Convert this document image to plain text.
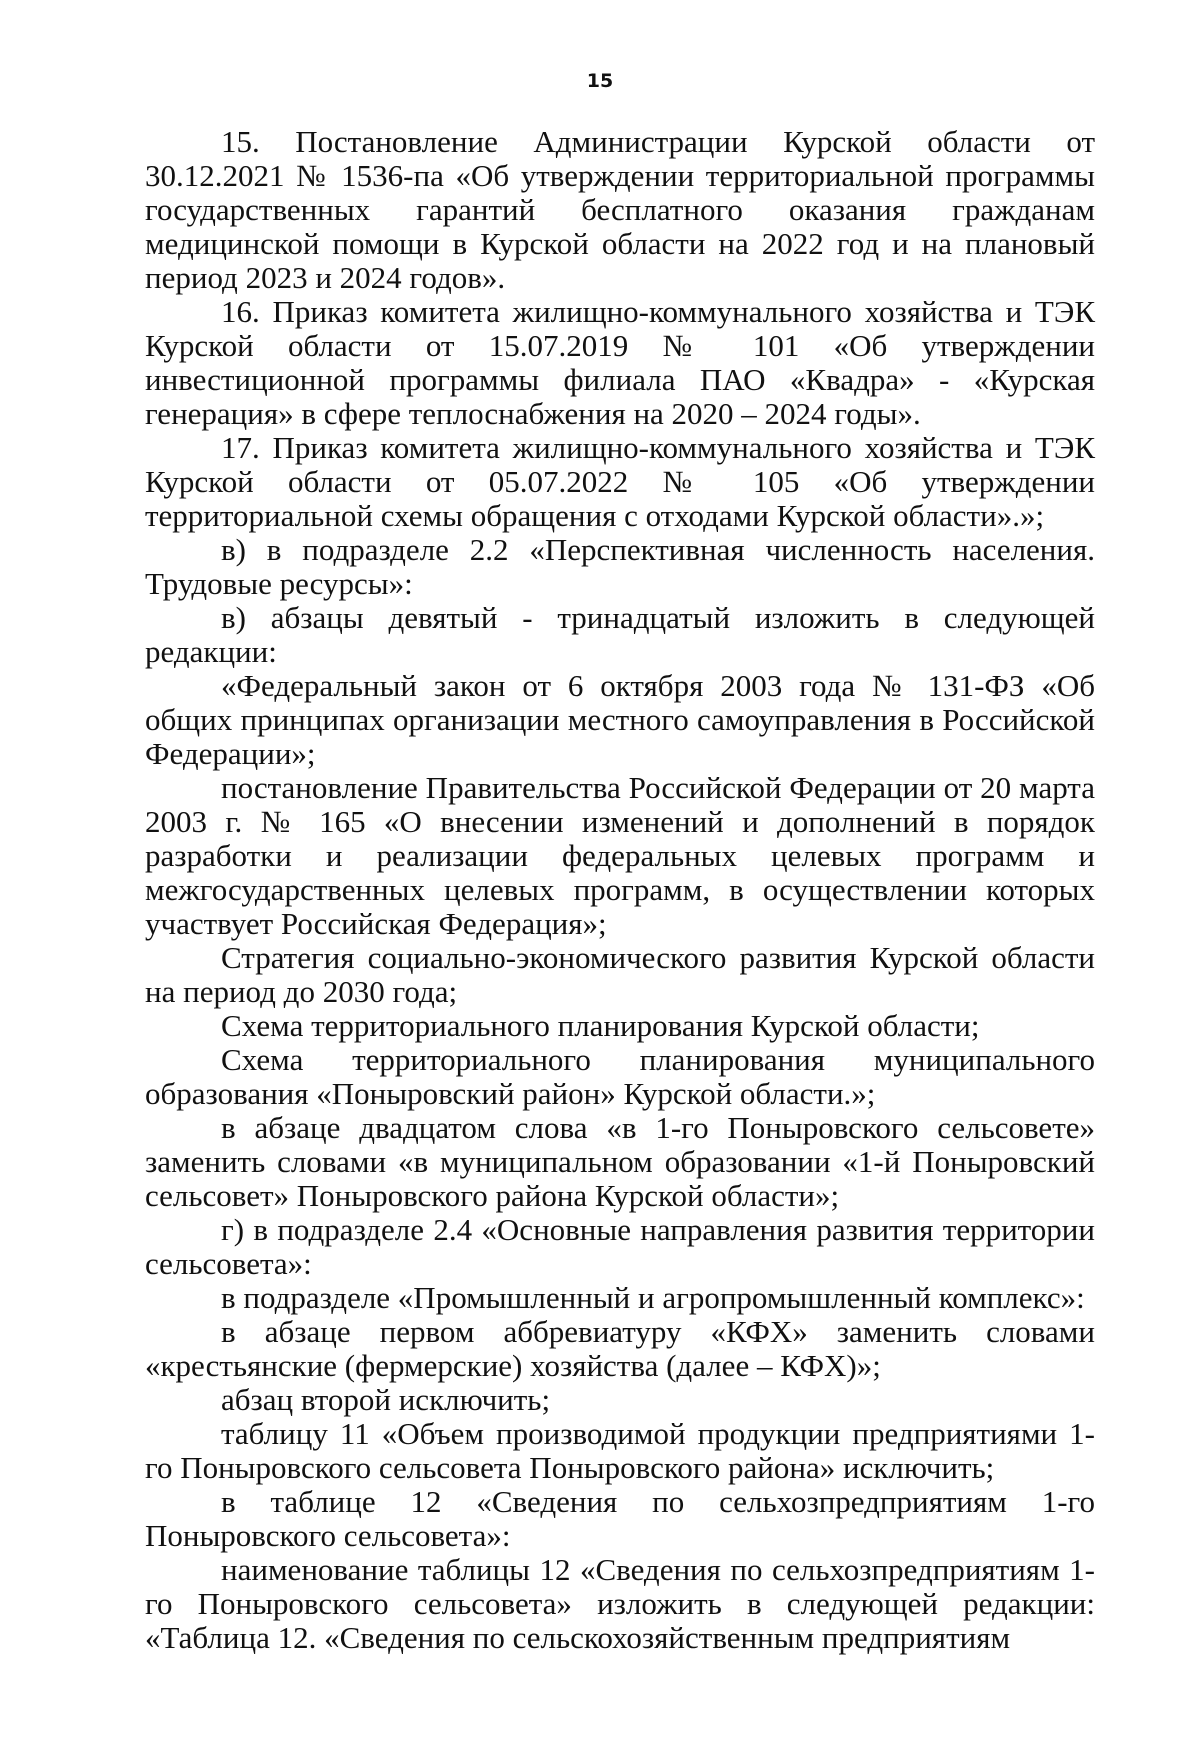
15

15. Постановление Администрации Курской области от 30.12.2021 № 1536-па «Об утверждении территориальной программы государственных гарантий бесплатного оказания гражданам медицинской помощи в Курской области на 2022 год и на плановый период 2023 и 2024 годов».

16. Приказ комитета жилищно-коммунального хозяйства и ТЭК Курской области от 15.07.2019 № 101 «Об утверждении инвестиционной программы филиала ПАО «Квадра» - «Курская генерация» в сфере теплоснабжения на 2020 – 2024 годы».

17. Приказ комитета жилищно-коммунального хозяйства и ТЭК Курской области от 05.07.2022 № 105 «Об утверждении территориальной схемы обращения с отходами Курской области».»;

в) в подразделе 2.2 «Перспективная численность населения. Трудовые ресурсы»:

в) абзацы девятый - тринадцатый изложить в следующей редакции:

«Федеральный закон от 6 октября 2003 года № 131-ФЗ «Об общих принципах организации местного самоуправления в Российской Федерации»;

постановление Правительства Российской Федерации от 20 марта 2003 г. № 165 «О внесении изменений и дополнений в порядок разработки и реализации федеральных целевых программ и межгосударственных целевых программ, в осуществлении которых участвует Российская Федерация»;

Стратегия социально-экономического развития Курской области на период до 2030 года;

Схема территориального планирования Курской области;

Схема территориального планирования муниципального образования «Поныровский район» Курской области.»;

в абзаце двадцатом слова «в 1-го Поныровского сельсовете» заменить словами «в муниципальном образовании «1-й Поныровский сельсовет» Поныровского района Курской области»;

г) в подразделе 2.4 «Основные направления развития территории сельсовета»:

в подразделе «Промышленный и агропромышленный комплекс»:

в абзаце первом аббревиатуру «КФХ» заменить словами «крестьянские (фермерские) хозяйства (далее – КФХ)»;

абзац второй исключить;

таблицу 11 «Объем производимой продукции предприятиями 1-го Поныровского сельсовета Поныровского района» исключить;

в таблице 12 «Сведения по сельхозпредприятиям 1-го Поныровского сельсовета»:

наименование таблицы 12 «Сведения по сельхозпредприятиям 1-го Поныровского сельсовета» изложить в следующей редакции: «Таблица 12. «Сведения по сельскохозяйственным предприятиям
